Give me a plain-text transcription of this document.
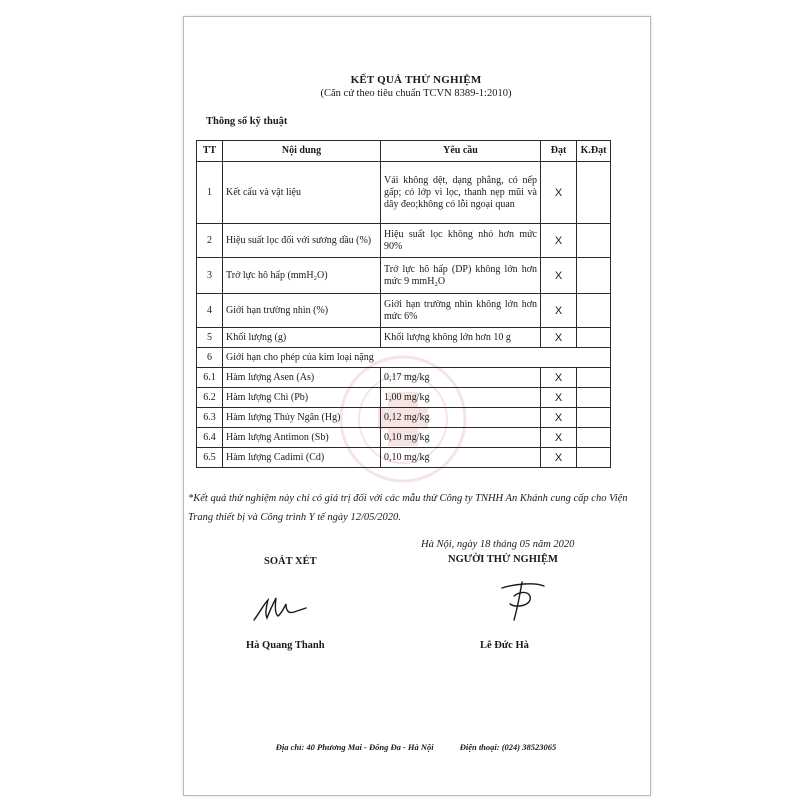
KẾT QUẢ THỬ NGHIỆM
(Căn cứ theo tiêu chuẩn TCVN 8389-1:2010)
Thông số kỹ thuật
TT	Nội dung	Yêu cầu	Đạt	K.Đạt
1	Kết cấu và vật liệu	Vải không dệt, dạng phẳng, có nếp gấp; có lớp vi lọc, thanh nẹp mũi và dây đeo;không có lỗi ngoại quan	X	
2	Hiệu suất lọc đối với sương dầu (%)	Hiệu suất lọc không nhỏ hơn mức 90%	X	
3	Trở lực hô hấp (mmH₂O)	Trở lực hô hấp (DP) không lớn hơn mức 9 mmH₂O	X	
4	Giới hạn trường nhìn (%)	Giới hạn trường nhìn không lớn hơn mức 6%	X	
5	Khối lượng (g)	Khối lượng không lớn hơn 10 g	X	
6	Giới hạn cho phép của kim loại nặng			
6.1	Hàm lượng Asen (As)	0,17 mg/kg	X	
6.2	Hàm lượng Chì (Pb)	1,00 mg/kg	X	
6.3	Hàm lượng Thủy Ngân (Hg)	0,12 mg/kg	X	
6.4	Hàm lượng Antimon (Sb)	0,10 mg/kg	X	
6.5	Hàm lượng Cadimi (Cd)	0,10 mg/kg	X	
*Kết quả thử nghiệm này chỉ có giá trị đối với các mẫu thử Công ty TNHH An Khánh cung cấp cho Viện Trang thiết bị và Công trình Y tế ngày 12/05/2020.
Hà Nội, ngày 18 tháng 05 năm 2020
SOÁT XÉT	NGƯỜI THỬ NGHIỆM
Hà Quang Thanh	Lê Đức Hà
Địa chỉ: 40 Phương Mai - Đống Đa - Hà Nội	Điện thoại: (024) 38523065
